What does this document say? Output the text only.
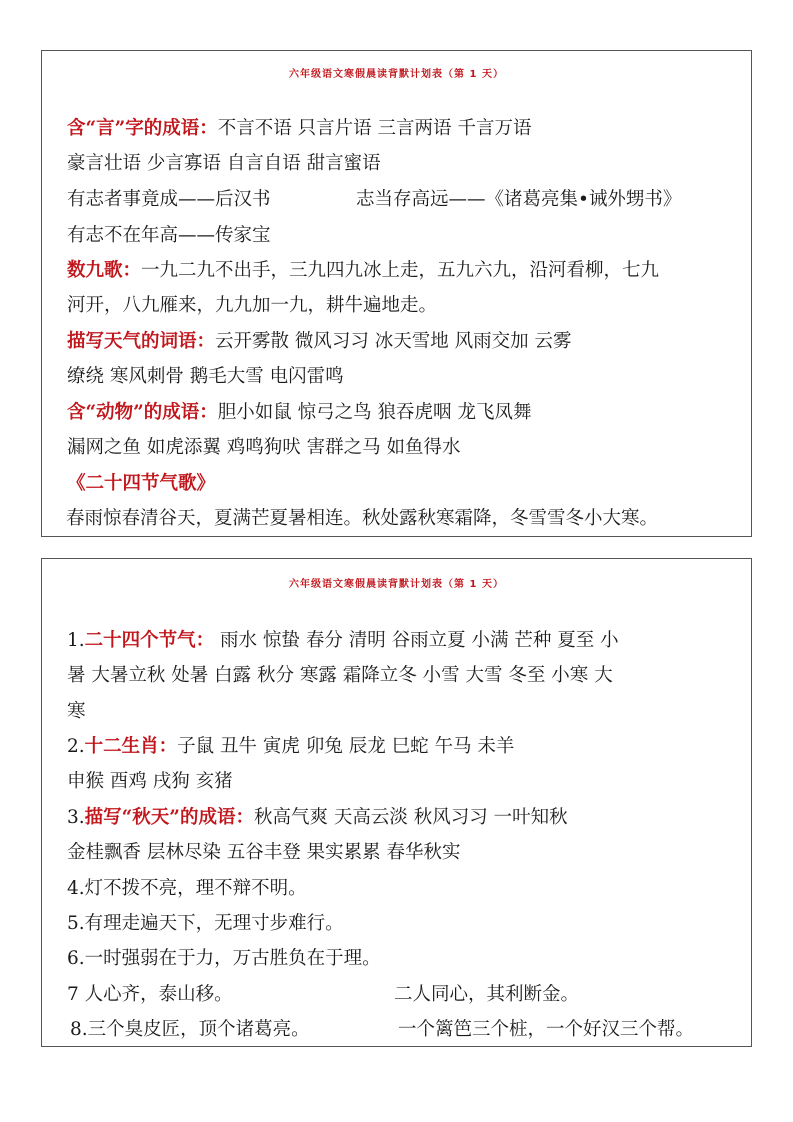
六年级语文寒假晨读背默计划表（第 1 天）
含“言”字的成语：不言不语 只言片语 三言两语 千言万语
豪言壮语 少言寡语 自言自语 甜言蜜语
有志者事竟成——后汉书	志当存高远——《诸葛亮集•诫外甥书》
有志不在年高——传家宝
数九歌：一九二九不出手，三九四九冰上走，五九六九，沿河看柳，七九
河开，八九雁来，九九加一九，耕牛遍地走。
描写天气的词语：云开雾散 微风习习 冰天雪地 风雨交加 云雾
缭绕 寒风刺骨 鹅毛大雪 电闪雷鸣
含“动物”的成语：胆小如鼠 惊弓之鸟 狼吞虎咽 龙飞凤舞
漏网之鱼 如虎添翼 鸡鸣狗吠 害群之马 如鱼得水
《二十四节气歌》
春雨惊春清谷天，夏满芒夏暑相连。秋处露秋寒霜降，冬雪雪冬小大寒。
六年级语文寒假晨读背默计划表（第 1 天）
1.二十四个节气： 雨水 惊蛰 春分 清明 谷雨立夏 小满 芒种 夏至 小
暑 大暑立秋 处暑 白露 秋分 寒露 霜降立冬 小雪 大雪 冬至 小寒 大
寒
2.十二生肖：子鼠 丑牛 寅虎 卯兔 辰龙 巳蛇 午马 未羊
申猴 酉鸡 戌狗 亥猪
3.描写“秋天”的成语：秋高气爽 天高云淡 秋风习习 一叶知秋
金桂飘香 层林尽染 五谷丰登 果实累累 春华秋实
4.灯不拨不亮，理不辩不明。
5.有理走遍天下，无理寸步难行。
6.一时强弱在于力，万古胜负在于理。
7 人心齐，泰山移。	二人同心，其利断金。
8.三个臭皮匠，顶个诸葛亮。	一个篱笆三个桩，一个好汉三个帮。
